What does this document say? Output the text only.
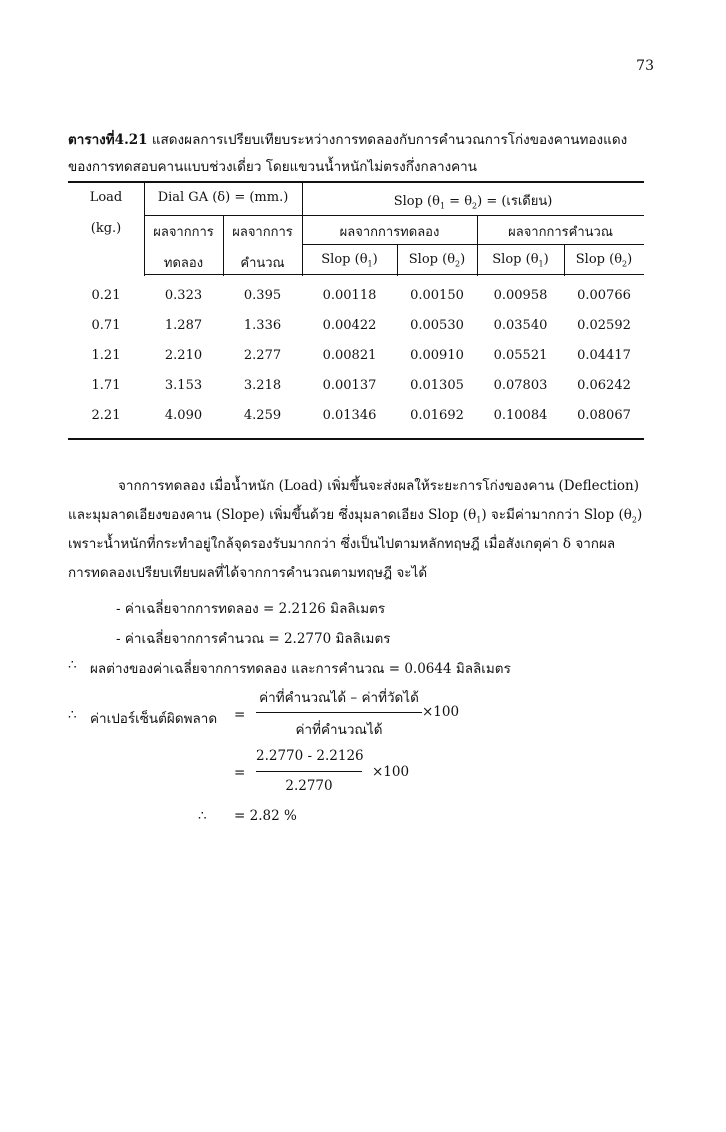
73
ตารางที่4.21 แสดงผลการเปรียบเทียบระหว่างการทดลองกับการคำนวณการโก่งของคานทองแดง
ของการทดสอบคานแบบช่วงเดี่ยว โดยแขวนน้ำหนักไม่ตรงกึ่งกลางคาน
Load	Dial GA (δ) = (mm.)	Slop $(\theta_1 = \theta_2)$ = (เรเดียน)
(kg.)	ผลจากการ	ผลจากการ	ผลจากการทดลอง	ผลจากการคำนวณ
ทดลอง	คำนวณ	Slop $(\theta_1)$	Slop $(\theta_2)$	Slop $(\theta_1)$	Slop $(\theta_2)$
0.21	0.323	0.395	0.00118	0.00150	0.00958	0.00766
0.71	1.287	1.336	0.00422	0.00530	0.03540	0.02592
1.21	2.210	2.277	0.00821	0.00910	0.05521	0.04417
1.71	3.153	3.218	0.00137	0.01305	0.07803	0.06242
2.21	4.090	4.259	0.01346	0.01692	0.10084	0.08067
จากการทดลอง เมื่อน้ำหนัก (Load) เพิ่มขึ้นจะส่งผลให้ระยะการโก่งของคาน (Deflection)
และมุมลาดเอียงของคาน (Slope) เพิ่มขึ้นด้วย ซึ่งมุมลาดเอียง Slop $(\theta_1)$ จะมีค่ามากกว่า Slop $(\theta_2)$
เพราะน้ำหนักที่กระทำอยู่ใกล้จุดรองรับมากกว่า ซึ่งเป็นไปตามหลักทฤษฎี เมื่อสังเกตุค่า δ จากผล
การทดลองเปรียบเทียบผลที่ได้จากการคำนวณตามทฤษฎี จะได้
- ค่าเฉลี่ยจากการทดลอง = 2.2126 มิลลิเมตร
- ค่าเฉลี่ยจากการคำนวณ = 2.2770 มิลลิเมตร
∴ ผลต่างของค่าเฉลี่ยจากการทดลอง และการคำนวณ = 0.0644 มิลลิเมตร
∴ ค่าเปอร์เซ็นต์ผิดพลาด =
ค่าที่คำนวณได้ – ค่าที่วัดได้
ค่าที่คำนวณได้
×100
=
2.2770 - 2.2126
2.2770
×100
∴ = 2.82 %
